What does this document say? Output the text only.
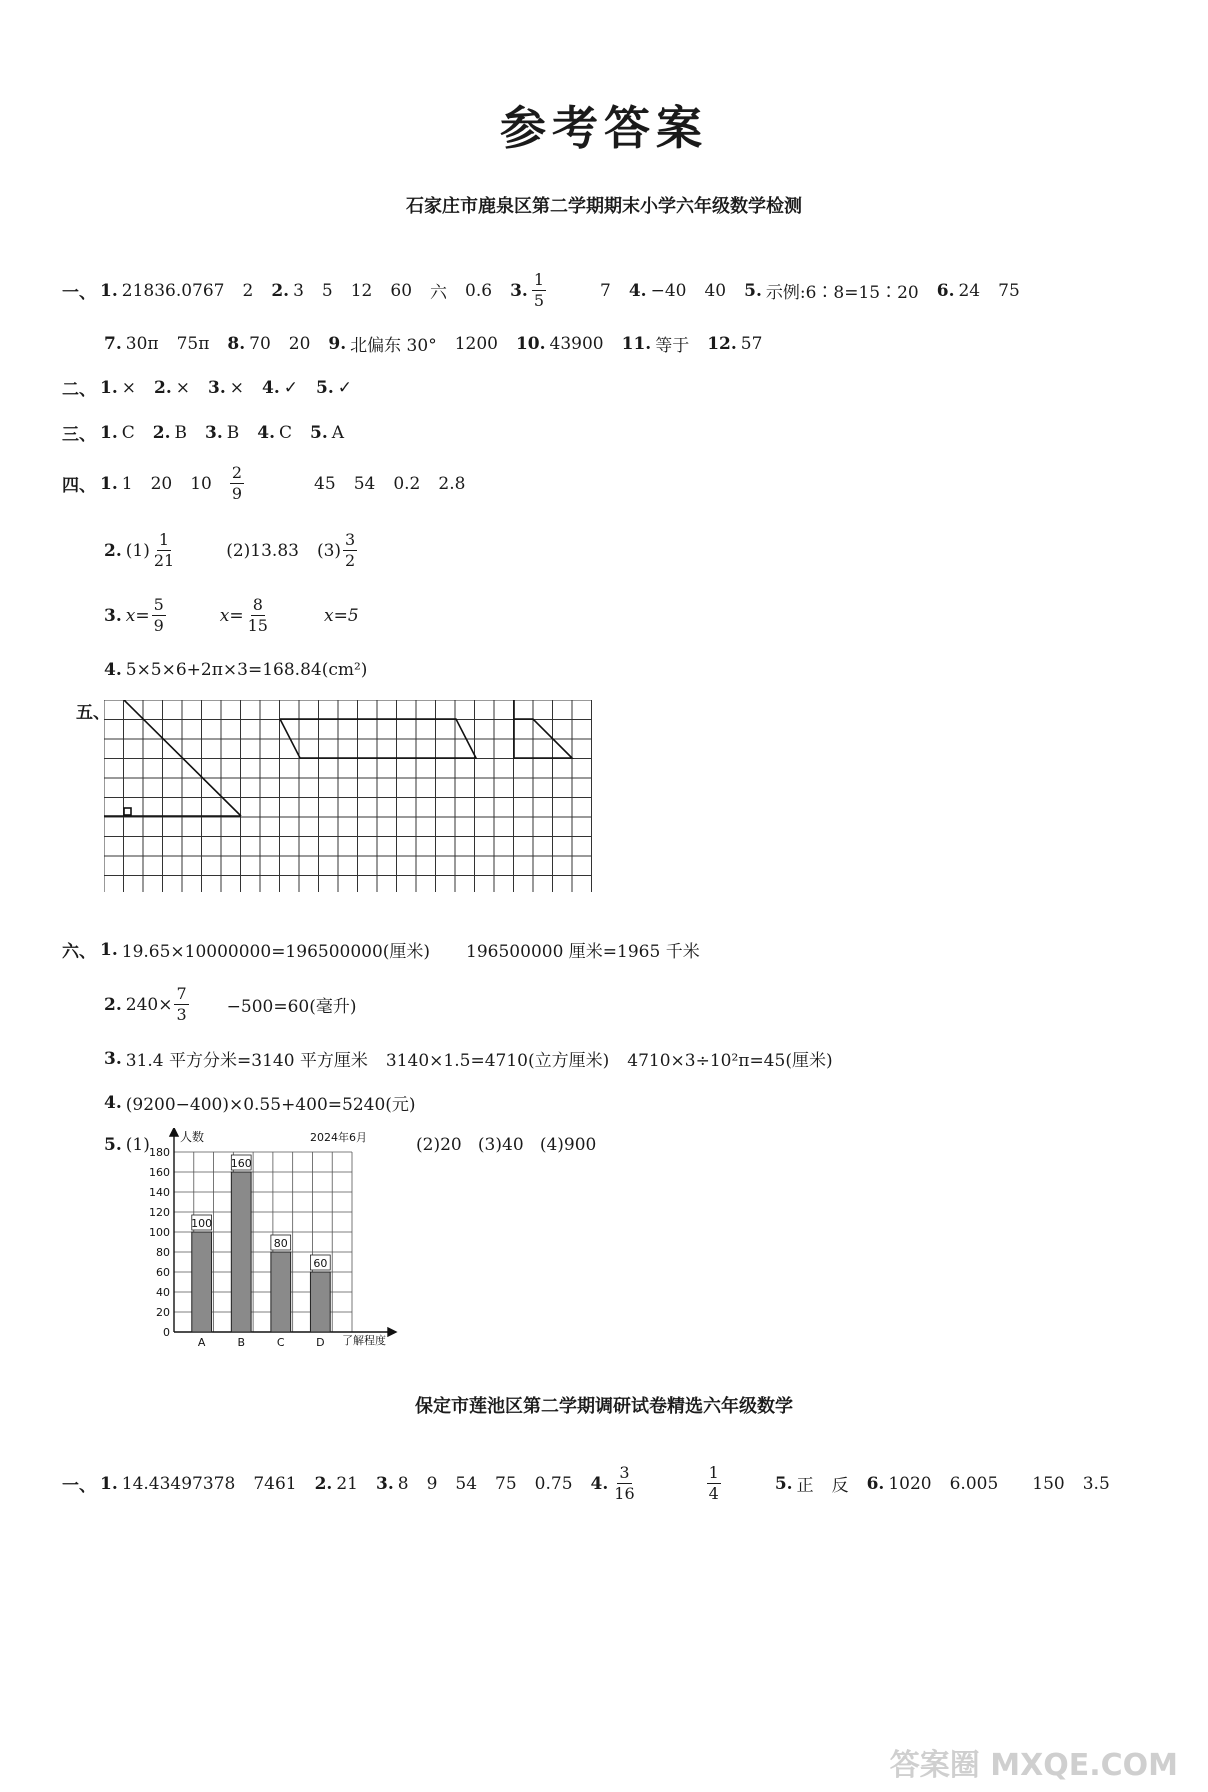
参考答案
石家庄市鹿泉区第二学期期末小学六年级数学检测
一、 1. 21836.0767 2 2. 3 5 12 60 六 0.6 3. $\frac{1}{5} 7$ 4. −40 40 5. 示例:6∶8=15∶20 6. 24 75
7. 30π 75π 8. 70 20 9. 北偏东 30° 1200 10. 43900 11. 等于 12. 57
二、 1. × 2. × 3. × 4. ✓ 5. ✓
三、 1. C 2. B 3. B 4. C 5. A
四、 1. 1 20 $10 \frac{2}{9}$	45 54 0.2 2.8
2. $(1) \frac{1}{21} (2)13.83$ $(3) \frac{3}{2}$
3. $x= \frac{5}{9} x= \frac{8}{15} x=5$
4. 5×5×6+2π×3=168.84(cm²)
五、
六、 1. 19.65×10000000=196500000(厘米) 196500000 厘米=1965 千米
2. $240\times \frac{7}{3} -500=60$(毫升)
3. 31.4 平方分米=3140 平方厘米 3140×1.5=4710(立方厘米) 4710×3÷10²π=45(厘米)
4. (9200−400)×0.55+400=5240(元)
5. (1)	(2)20   (3)40   (4)900
100
160
80
60
0
20
40
60
80
100
120
140
160
180
A	B	C	D
人数	2024年6月
了解程度
保定市莲池区第二学期调研试卷精选六年级数学
一、 1. 14.43497378 7461 2. 21 3. 8 9 54 75 0.75 4. $\frac{3}{16}$	$\frac{1}{4} 5$. 正 反 6. 1020 6.005 150 3.5
答案圈 MXQE.COM
